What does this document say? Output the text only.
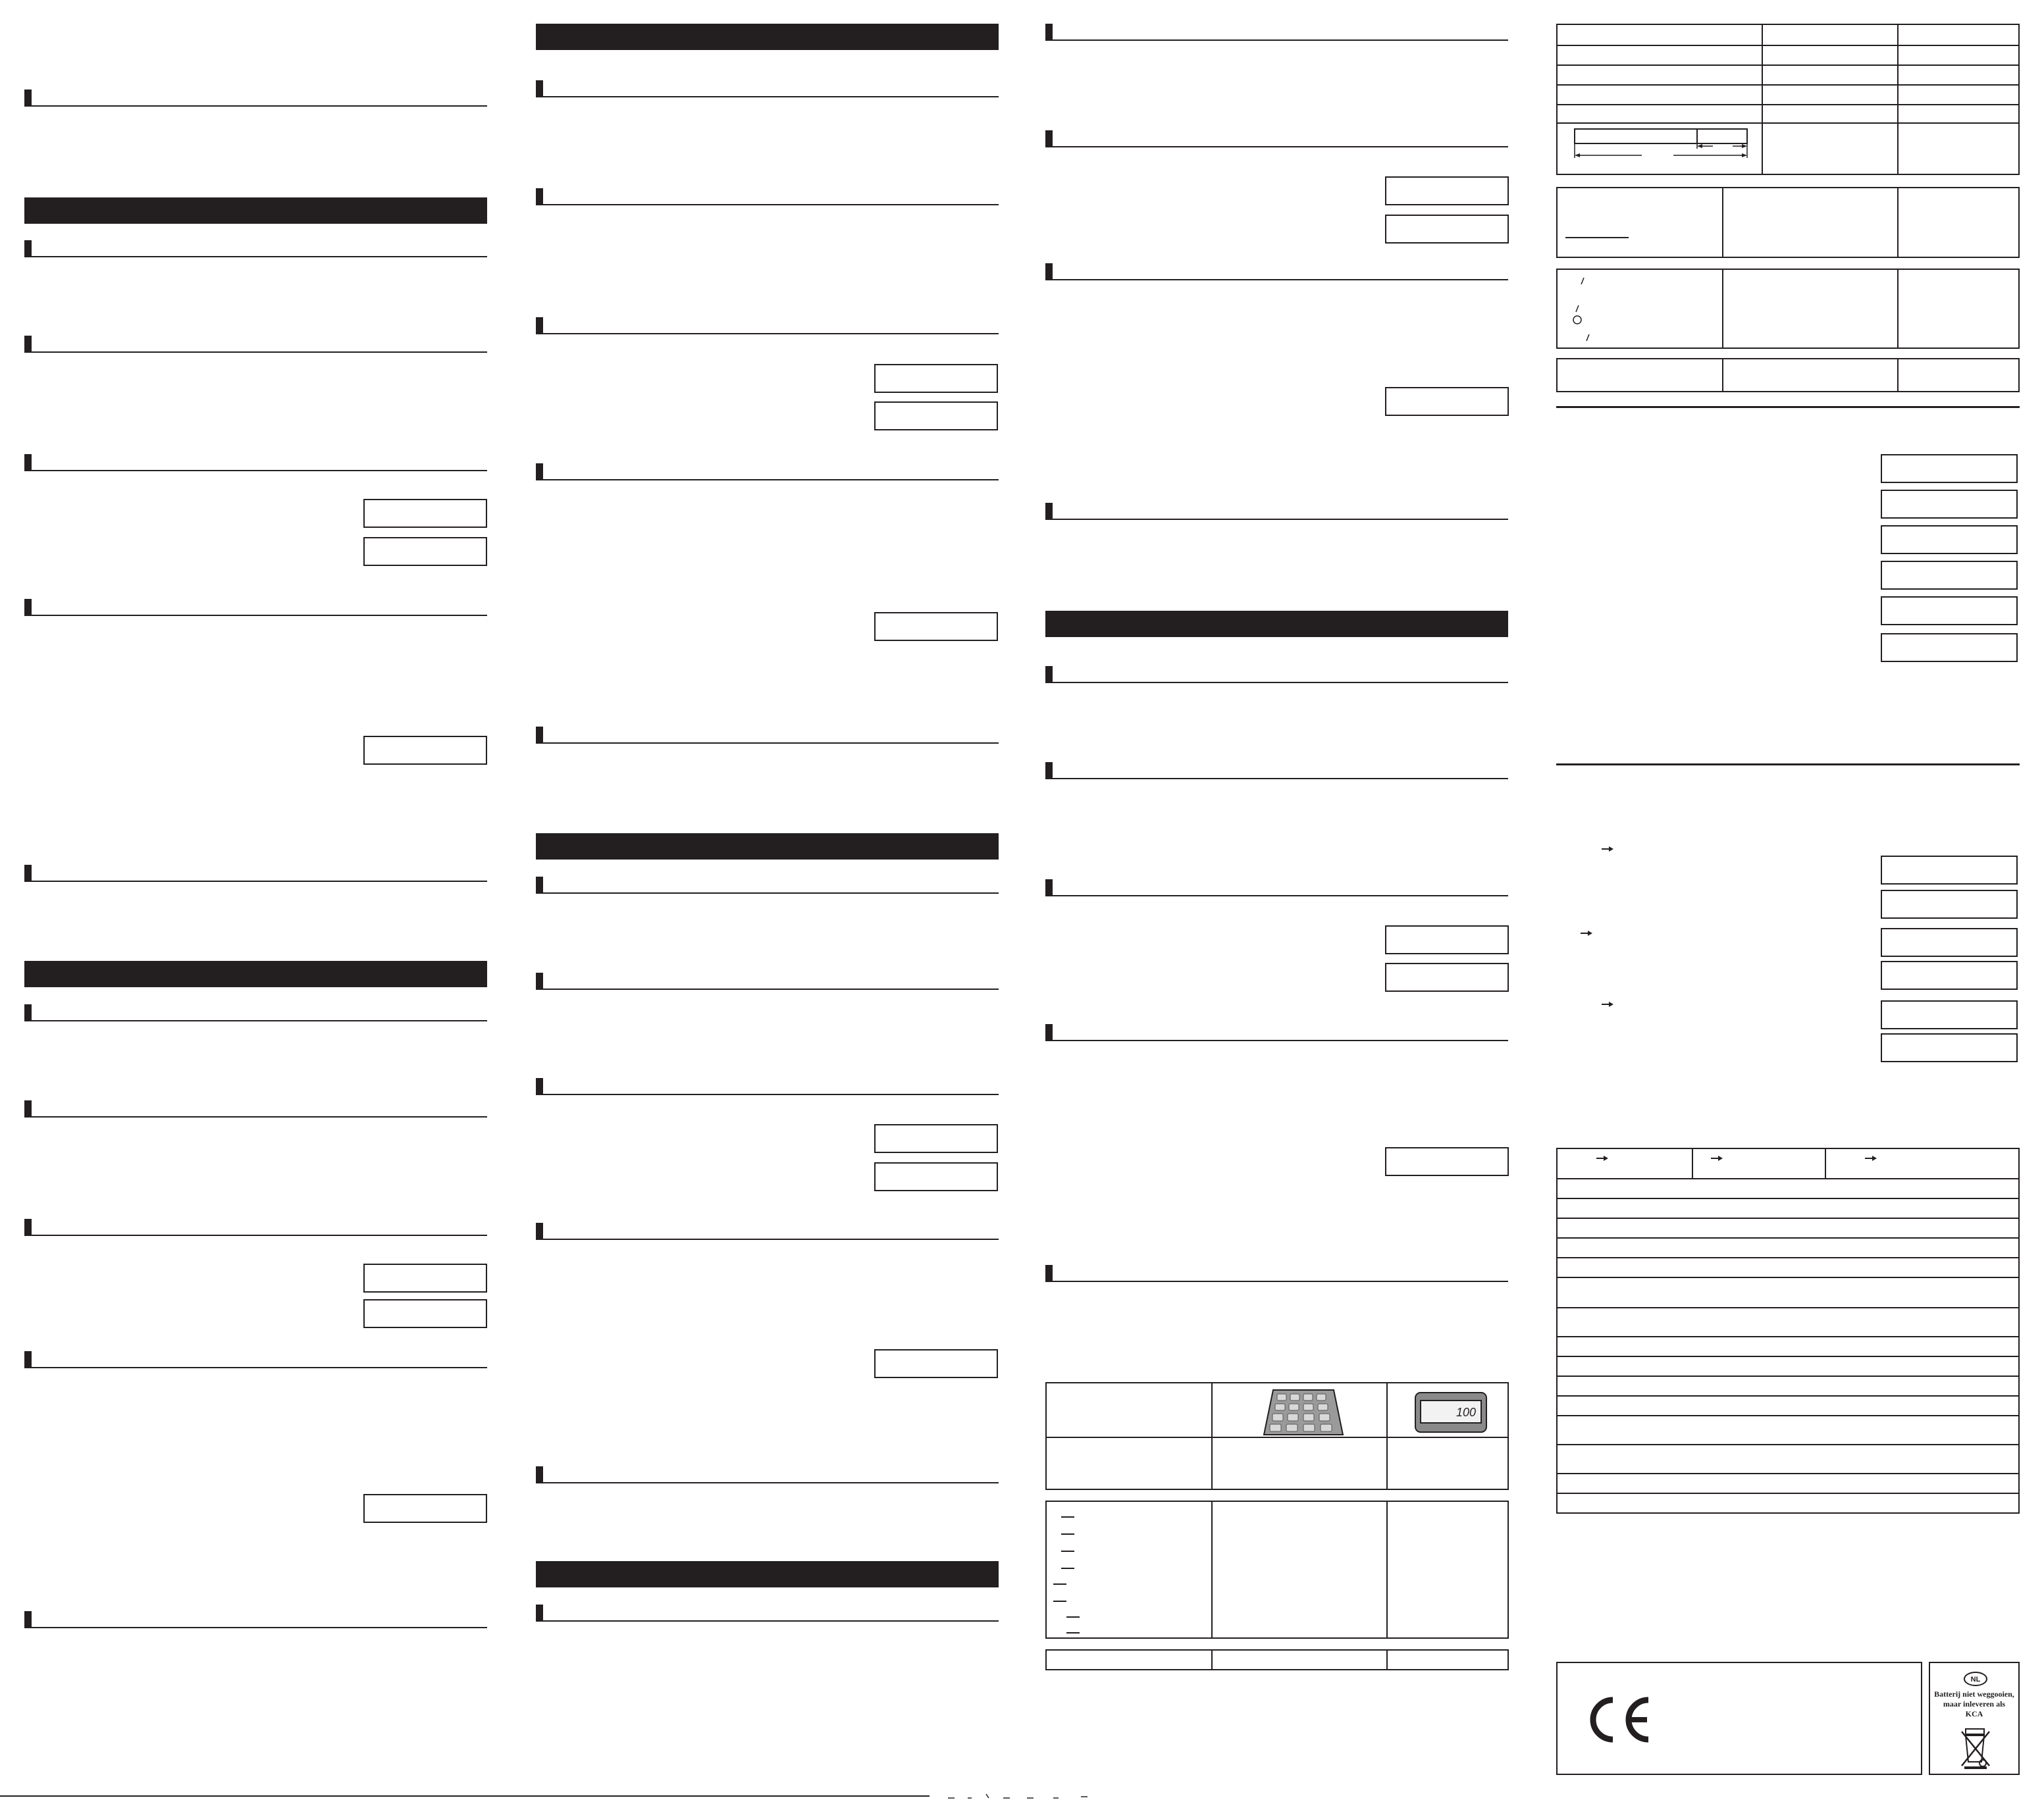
100
NL
Batterij niet weggooien,
maar inleveren als
KCA
